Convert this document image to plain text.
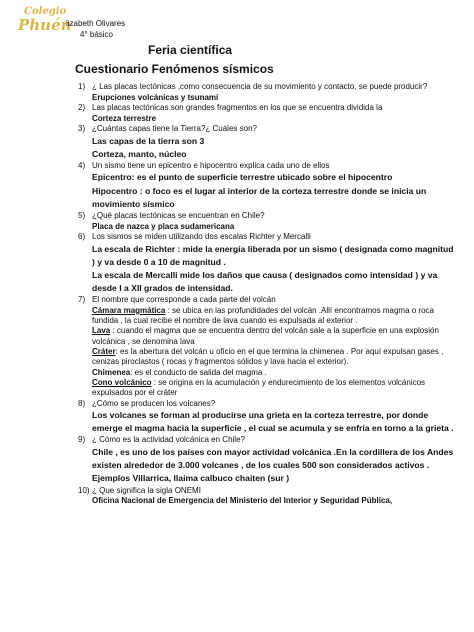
Colegio
Phuén
lizabeth Olivares
4° básico
Feria científica
Cuestionario Fenómenos sísmicos
1) ¿ Las placas tectónicas ,como consecuencia de su movimiento y contacto, se puede producir?
Erupciones volcánicas y tsunami
2) Las placas tectónicas son grandes fragmentos en los que se encuentra dividida la
Corteza terrestre
3) ¿Cuántas capas tiene la Tierra?¿ Cuáles son?
Las capas de la tierra son 3
Corteza, manto, núcleo
4) Un sismo tiene un epicentro e hipocentro explica cada uno de ellos
Epicentro: es el punto de superficie terrestre ubicado sobre el hipocentro
Hipocentro : o foco es el lugar al interior de la corteza terrestre donde se inicia un movimiento sísmico
5) ¿Qué placas tectónicas se encuentran en Chile?
Placa de nazca y placa sudamericana
6) Los sismos se miden utilizando dos escalas Richter y Mercalli
La escala de Richter : mide la energía liberada por un sismo ( designada como magnitud ) y va desde 0 a 10 de magnitud .
La escala de Mercalli mide los daños que causa ( designados como intensidad ) y va desde I a XII grados de intensidad.
7) El nombre que corresponde a cada parte del volcán
Cámara magmática : se ubica en las profundidades del volcán .Allí encontramos magma o roca fundida , la cual recibe el nombre de lava cuando es expulsada al exterior .
Lava : cuando el magma que se encuentra dentro del volcán sale a la superficie en una explosión volcánica , se denomina lava
Cráter: es la abertura del volcán u oficio en el que termina la chimenea . Por aquí expulsan gases , cenizas piroclastos ( rocas y fragmentos sólidos y lava hacia el exterior).
Chimenea: es el conducto de salida del magma .
Cono volcánico : se origina en la acumulación y endurecimiento de los elementos volcánicos expulsados por el cráter
8) ¿Cómo se producen los volcanes?
Los volcanes se forman al producirse una grieta en la corteza terrestre, por donde emerge el magma hacia la superficie , el cual se acumula y se enfría en torno a la grieta .
9) ¿ Cómo es la actividad volcánica en Chile?
Chile , es uno de los países con mayor actividad volcánica .En la cordillera de los Andes existen alrededor de 3.000 volcanes , de los cuales 500 son considerados activos . Ejemplos Villarrica, llaima calbuco chaiten (sur )
10) ¿ Que significa la sigla ONEMI
Oficina Nacional de Emergencia del Ministerio del Interior y Seguridad Pública,
